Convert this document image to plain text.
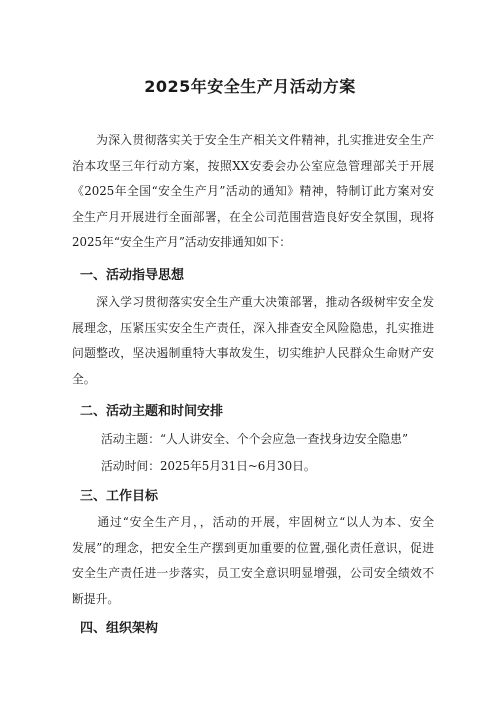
2025年安全生产月活动方案
　　为深入贯彻落实关于安全生产相关文件精神，扎实推进安全生产
治本攻坚三年行动方案，按照XX安委会办公室应急管理部关于开展
《2025年全国“安全生产月”活动的通知》精神，特制订此方案对安
全生产月开展进行全面部署，在全公司范围营造良好安全氛围，现将
2025年“安全生产月”活动安排通知如下：
一、活动指导思想
　　深入学习贯彻落实安全生产重大决策部署，推动各级树牢安全发
展理念，压紧压实安全生产责任，深入排查安全风险隐患，扎实推进
问题整改，坚决遏制重特大事故发生，切实维护人民群众生命财产安
全。
二、活动主题和时间安排
活动主题：“人人讲安全、个个会应急一查找身边安全隐患”
活动时间：2025年5月31日~6月30日。
三、工作目标
　　通过“安全生产月，，活动的开展，牢固树立“以人为本、安全
发展”的理念，把安全生产摆到更加重要的位置,强化责任意识，促进
安全生产责任进一步落实，员工安全意识明显增强，公司安全绩效不
断提升。
四、组织架构
